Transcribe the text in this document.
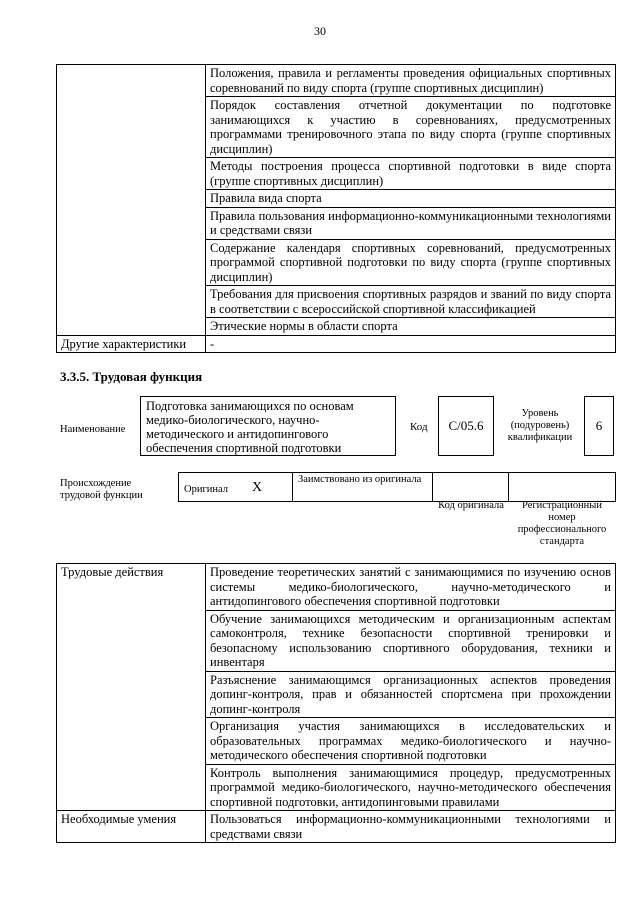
30
	Положения, правила и регламенты проведения официальных спортивных соревнований по виду спорта (группе спортивных дисциплин)
	Порядок составления отчетной документации по подготовке занимающихся к участию в соревнованиях, предусмотренных программами тренировочного этапа по виду спорта (группе спортивных дисциплин)
	Методы построения процесса спортивной подготовки в виде спорта (группе спортивных дисциплин)
	Правила вида спорта
	Правила пользования информационно-коммуникационными технологиями и средствами связи
	Содержание календаря спортивных соревнований, предусмотренных программой спортивной подготовки по виду спорта (группе спортивных дисциплин)
	Требования для присвоения спортивных разрядов и званий по виду спорта в соответствии с всероссийской спортивной классификацией
	Этические нормы в области спорта
Другие характеристики	-
3.3.5. Трудовая функция
Наименование
Подготовка занимающихся по основам медико-биологического, научно-методического и антидопингового обеспечения спортивной подготовки
Код	C/05.6
Уровень (подуровень) квалификации
6
Происхождение трудовой функции
Оригинал X
Заимствовано из оригинала
Код оригинала	Регистрационный номер профессионального стандарта
Трудовые действия	Проведение теоретических занятий с занимающимися по изучению основ системы медико-биологического, научно-методического и антидопингового обеспечения спортивной подготовки
	Обучение занимающихся методическим и организационным аспектам самоконтроля, технике безопасности спортивной тренировки и безопасному использованию спортивного оборудования, техники и инвентаря
	Разъяснение занимающимся организационных аспектов проведения допинг-контроля, прав и обязанностей спортсмена при прохождении допинг-контроля
	Организация участия занимающихся в исследовательских и образовательных программах медико-биологического и научно-методического обеспечения спортивной подготовки
	Контроль выполнения занимающимися процедур, предусмотренных программой медико-биологического, научно-методического обеспечения спортивной подготовки, антидопинговыми правилами
Необходимые умения	Пользоваться информационно-коммуникационными технологиями и средствами связи
